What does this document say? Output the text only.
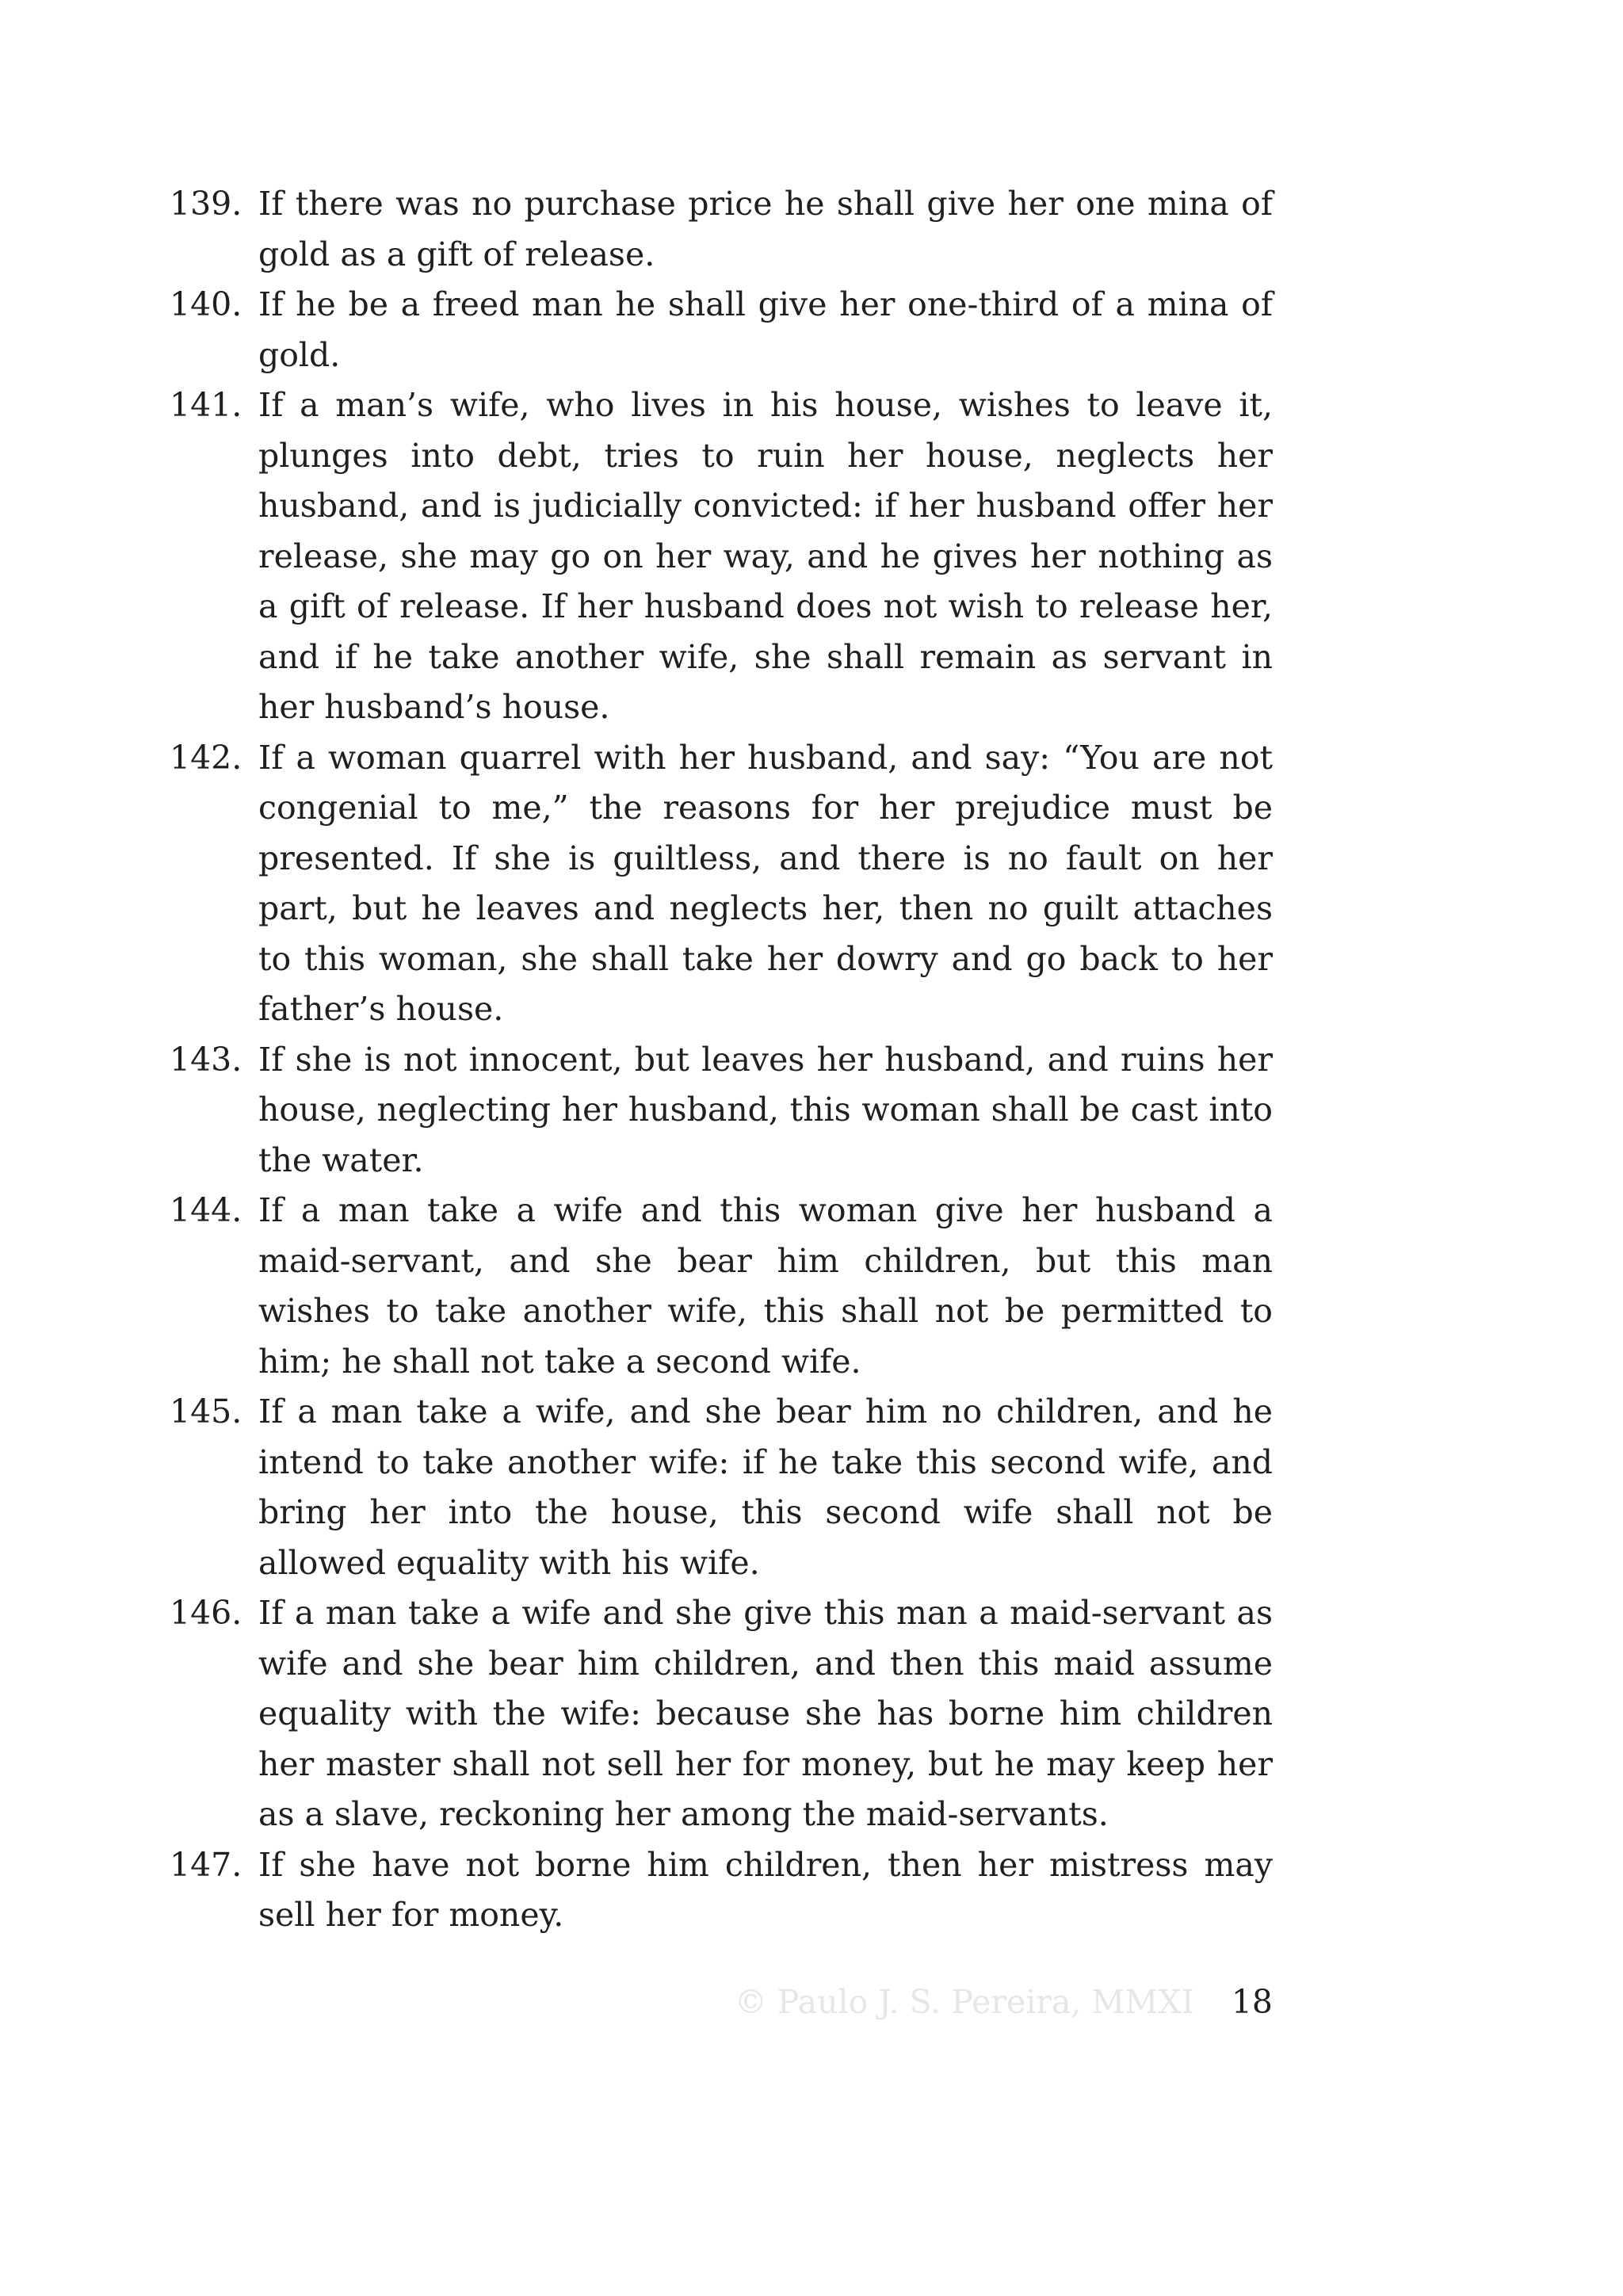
139. If there was no purchase price he shall give her one mina of gold as a gift of release.
140. If he be a freed man he shall give her one-third of a mina of gold.
141. If a man’s wife, who lives in his house, wishes to leave it, plunges into debt, tries to ruin her house, neglects her husband, and is judicially convicted: if her husband offer her release, she may go on her way, and he gives her nothing as a gift of release. If her husband does not wish to release her, and if he take another wife, she shall remain as servant in her husband’s house.
142. If a woman quarrel with her husband, and say: “You are not congenial to me,” the reasons for her prejudice must be presented. If she is guiltless, and there is no fault on her part, but he leaves and neglects her, then no guilt attaches to this woman, she shall take her dowry and go back to her father’s house.
143. If she is not innocent, but leaves her husband, and ruins her house, neglecting her husband, this woman shall be cast into the water.
144. If a man take a wife and this woman give her husband a maid-servant, and she bear him children, but this man wishes to take another wife, this shall not be permitted to him; he shall not take a second wife.
145. If a man take a wife, and she bear him no children, and he intend to take another wife: if he take this second wife, and bring her into the house, this second wife shall not be allowed equality with his wife.
146. If a man take a wife and she give this man a maid-servant as wife and she bear him children, and then this maid assume equality with the wife: because she has borne him children her master shall not sell her for money, but he may keep her as a slave, reckoning her among the maid-servants.
147. If she have not borne him children, then her mistress may sell her for money.
© Paulo J. S. Pereira, MMXI 18
